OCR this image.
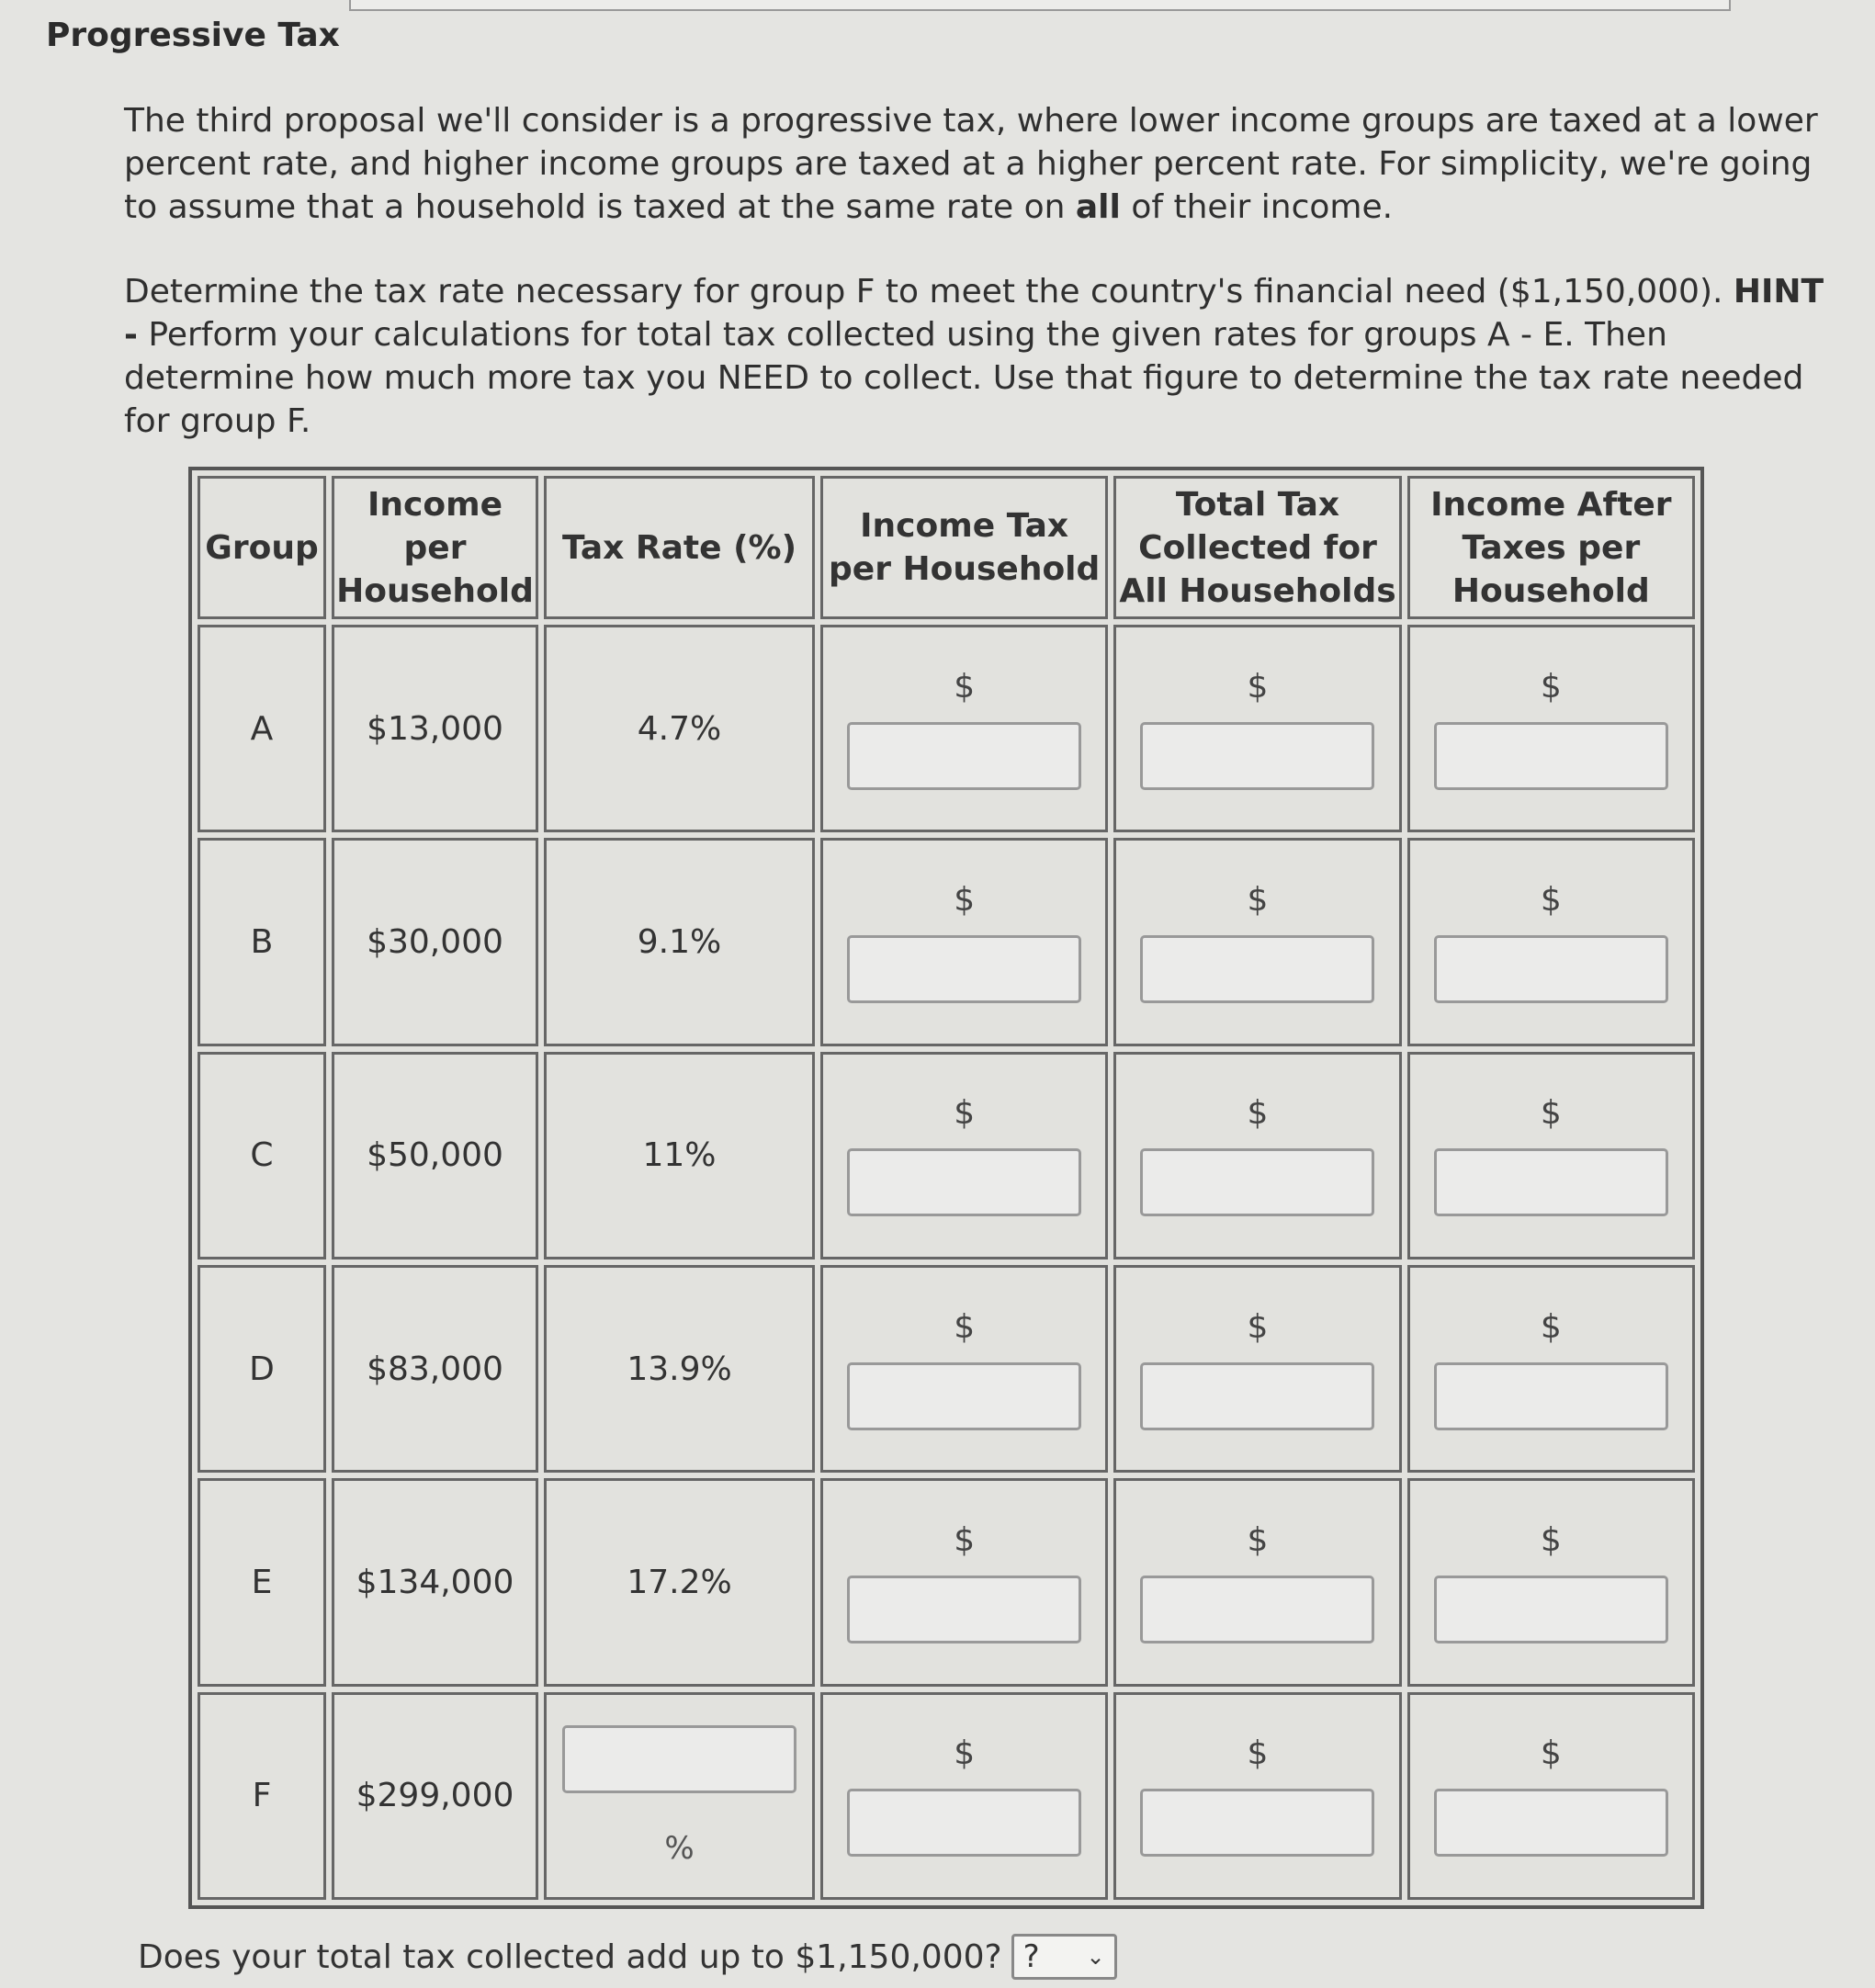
Progressive Tax

The third proposal we'll consider is a progressive tax, where lower income groups are taxed at a lower percent rate, and higher income groups are taxed at a higher percent rate. For simplicity, we're going to assume that a household is taxed at the same rate on all of their income.

Determine the tax rate necessary for group F to meet the country's financial need ($1,150,000). HINT - Perform your calculations for total tax collected using the given rates for groups A - E. Then determine how much more tax you NEED to collect. Use that figure to determine the tax rate needed for group F.

Group	Income per Household	Tax Rate (%)	Income Tax per Household	Total Tax Collected for All Households	Income After Taxes per Household
A	$13,000	4.7%	$	$	$

B	$30,000	9.1%	$	$	$

C	$50,000	11%	$	$	$

D	$83,000	13.9%	$	$	$

E	$134,000	17.2%	$	$	$

F	$299,000	%	$	$	$
Does your total tax collected add up to $1,150,000? ? ⌄
